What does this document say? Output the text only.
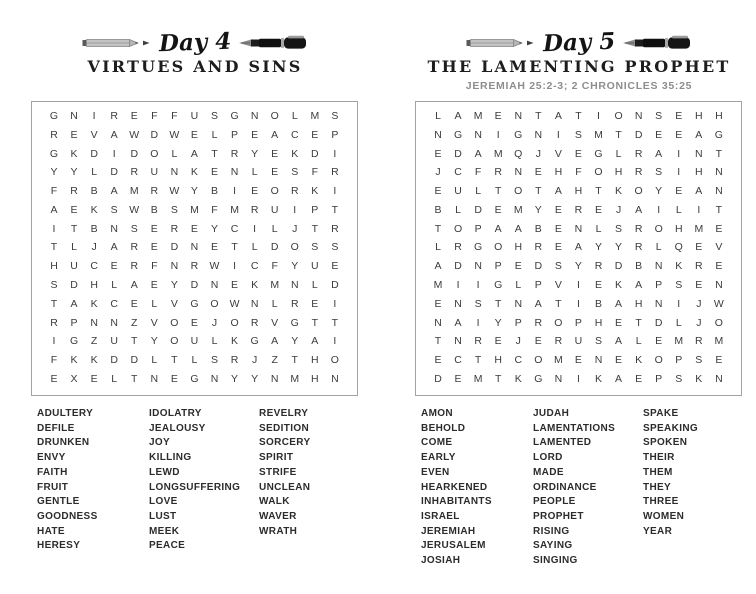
Day 4
VIRTUES AND SINS
G	N	I	R	E	F	F	U	S	G	N	O	L	M	S
R	E	V	A	W	D	W	E	L	P	E	A	C	E	P
G	K	D	I	D	O	L	A	T	R	Y	E	K	D	I
Y	Y	L	D	R	U	N	K	E	N	L	E	S	F	R
F	R	B	A	M	R	W	Y	B	I	E	O	R	K	I
A	E	K	S	W	B	S	M	F	M	R	U	I	P	T
I	T	B	N	S	E	R	E	Y	C	I	L	J	T	R
T	L	J	A	R	E	D	N	E	T	L	D	O	S	S
H	U	C	E	R	F	N	R	W	I	C	F	Y	U	E
S	D	H	L	A	E	Y	D	N	E	K	M	N	L	D
T	A	K	C	E	L	V	G	O	W	N	L	R	E	I
R	P	N	N	Z	V	O	E	J	O	R	V	G	T	T
I	G	Z	U	T	Y	O	U	L	K	G	A	Y	A	I
F	K	K	D	D	L	T	L	S	R	J	Z	T	H	O
E	X	E	L	T	N	E	G	N	Y	Y	N	M	H	N
ADULTERY
DEFILE
DRUNKEN
ENVY
FAITH
FRUIT
GENTLE
GOODNESS
HATE
HERESY
IDOLATRY
JEALOUSY
JOY
KILLING
LEWD
LONGSUFFERING
LOVE
LUST
MEEK
PEACE
REVELRY
SEDITION
SORCERY
SPIRIT
STRIFE
UNCLEAN
WALK
WAVER
WRATH
Day 5
THE LAMENTING PROPHET
JEREMIAH 25:2-3; 2 CHRONICLES 35:25
L	A	M	E	N	T	A	T	I	O	N	S	E	H	H
N	G	N	I	G	N	I	S	M	T	D	E	E	A	G
E	D	A	M	Q	J	V	E	G	L	R	A	I	N	T
J	C	F	R	N	E	H	F	O	H	R	S	I	H	N
E	U	L	T	O	T	A	H	T	K	O	Y	E	A	N
B	L	D	E	M	Y	E	R	E	J	A	I	L	I	T
T	O	P	A	A	B	E	N	L	S	R	O	H	M	E
L	R	G	O	H	R	E	A	Y	Y	R	L	Q	E	V
A	D	N	P	E	D	S	Y	R	D	B	N	K	R	E
M	I	I	G	L	P	V	I	E	K	A	P	S	E	N
E	N	S	T	N	A	T	I	B	A	H	N	I	J	W
N	A	I	Y	P	R	O	P	H	E	T	D	L	J	O
T	N	R	E	J	E	R	U	S	A	L	E	M	R	M
E	C	T	H	C	O	M	E	N	E	K	O	P	S	E
D	E	M	T	K	G	N	I	K	A	E	P	S	K	N
AMON
BEHOLD
COME
EARLY
EVEN
HEARKENED
INHABITANTS
ISRAEL
JEREMIAH
JERUSALEM
JOSIAH
JUDAH
LAMENTATIONS
LAMENTED
LORD
MADE
ORDINANCE
PEOPLE
PROPHET
RISING
SAYING
SINGING
SPAKE
SPEAKING
SPOKEN
THEIR
THEM
THEY
THREE
WOMEN
YEAR
